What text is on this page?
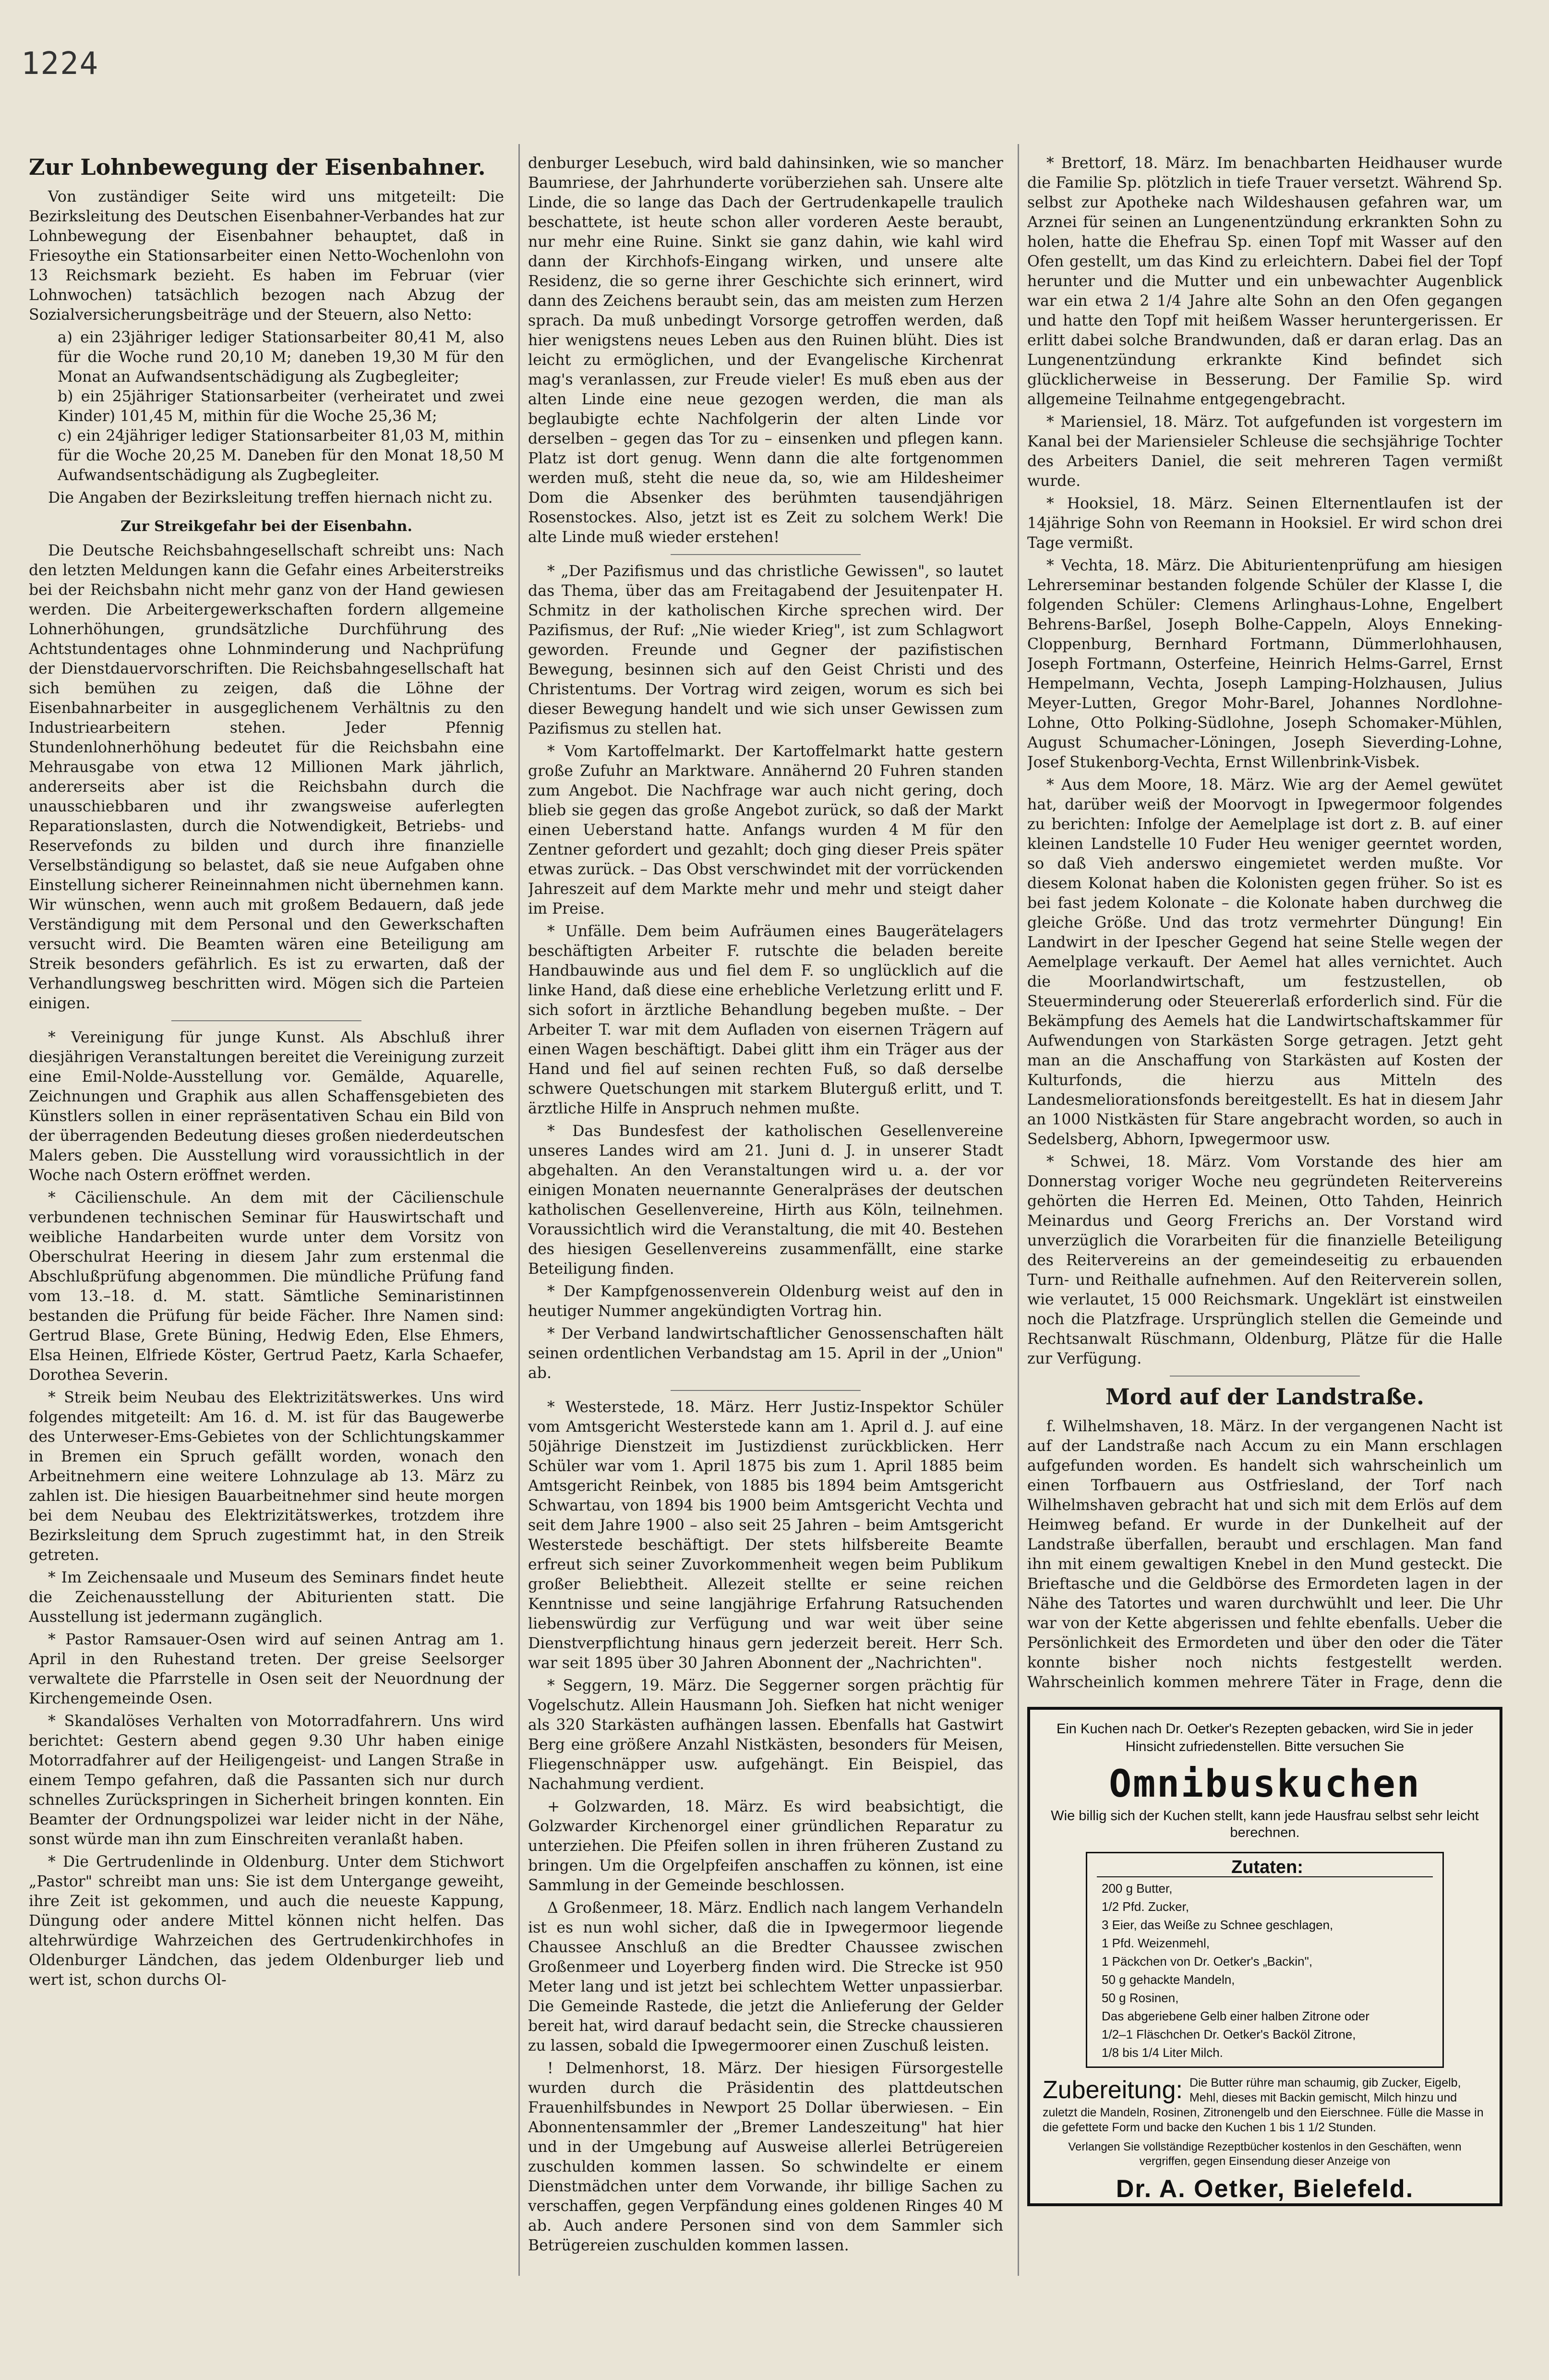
1224
Zur Lohnbewegung der Eisenbahner.

Von zuständiger Seite wird uns mitgeteilt: Die Bezirksleitung des Deutschen Eisenbahner-Verbandes hat zur Lohnbewegung der Eisenbahner behauptet, daß in Friesoythe ein Stationsarbeiter einen Netto-Wochenlohn von 13 Reichsmark bezieht. Es haben im Februar (vier Lohnwochen) tatsächlich bezogen nach Abzug der Sozialversicherungsbeiträge und der Steuern, also Netto:

a) ein 23jähriger lediger Stationsarbeiter 80,41 M, also für die Woche rund 20,10 M; daneben 19,30 M für den Monat an Aufwandsentschädigung als Zugbegleiter;
b) ein 25jähriger Stationsarbeiter (verheiratet und zwei Kinder) 101,45 M, mithin für die Woche 25,36 M;
c) ein 24jähriger lediger Stationsarbeiter 81,03 M, mithin für die Woche 20,25 M. Daneben für den Monat 18,50 M Aufwandsentschädigung als Zugbegleiter.

Die Angaben der Bezirksleitung treffen hiernach nicht zu.

Zur Streikgefahr bei der Eisenbahn.

Die Deutsche Reichsbahngesellschaft schreibt uns: Nach den letzten Meldungen kann die Gefahr eines Arbeiterstreiks bei der Reichsbahn nicht mehr ganz von der Hand gewiesen werden. Die Arbeitergewerkschaften fordern allgemeine Lohnerhöhungen, grundsätzliche Durchführung des Achtstundentages ohne Lohnminderung und Nachprüfung der Dienstdauervorschriften. Die Reichsbahngesellschaft hat sich bemühen zu zeigen, daß die Löhne der Eisenbahnarbeiter in ausgeglichenem Verhältnis zu den Industriearbeitern stehen. Jeder Pfennig Stundenlohnerhöhung bedeutet für die Reichsbahn eine Mehrausgabe von etwa 12 Millionen Mark jährlich, andererseits aber ist die Reichsbahn durch die unausschiebbaren und ihr zwangsweise auferlegten Reparationslasten, durch die Notwendigkeit, Betriebs- und Reservefonds zu bilden und durch ihre finanzielle Verselbständigung so belastet, daß sie neue Aufgaben ohne Einstellung sicherer Reineinnahmen nicht übernehmen kann. Wir wünschen, wenn auch mit großem Bedauern, daß jede Verständigung mit dem Personal und den Gewerkschaften versucht wird. Die Beamten wären eine Beteiligung am Streik besonders gefährlich. Es ist zu erwarten, daß der Verhandlungsweg beschritten wird. Mögen sich die Parteien einigen.

* Vereinigung für junge Kunst. Als Abschluß ihrer diesjährigen Veranstaltungen bereitet die Vereinigung zurzeit eine Emil-Nolde-Ausstellung vor. Gemälde, Aquarelle, Zeichnungen und Graphik aus allen Schaffensgebieten des Künstlers sollen in einer repräsentativen Schau ein Bild von der überragenden Bedeutung dieses großen niederdeutschen Malers geben. Die Ausstellung wird voraussichtlich in der Woche nach Ostern eröffnet werden.

* Cäcilienschule. An dem mit der Cäcilienschule verbundenen technischen Seminar für Hauswirtschaft und weibliche Handarbeiten wurde unter dem Vorsitz von Oberschulrat Heering in diesem Jahr zum erstenmal die Abschlußprüfung abgenommen. Die mündliche Prüfung fand vom 13.–18. d. M. statt. Sämtliche Seminaristinnen bestanden die Prüfung für beide Fächer. Ihre Namen sind: Gertrud Blase, Grete Büning, Hedwig Eden, Else Ehmers, Elsa Heinen, Elfriede Köster, Gertrud Paetz, Karla Schaefer, Dorothea Severin.

* Streik beim Neubau des Elektrizitätswerkes. Uns wird folgendes mitgeteilt: Am 16. d. M. ist für das Baugewerbe des Unterweser-Ems-Gebietes von der Schlichtungskammer in Bremen ein Spruch gefällt worden, wonach den Arbeitnehmern eine weitere Lohnzulage ab 13. März zu zahlen ist. Die hiesigen Bauarbeitnehmer sind heute morgen bei dem Neubau des Elektrizitätswerkes, trotzdem ihre Bezirksleitung dem Spruch zugestimmt hat, in den Streik getreten.

* Im Zeichensaale und Museum des Seminars findet heute die Zeichenausstellung der Abiturienten statt. Die Ausstellung ist jedermann zugänglich.

* Pastor Ramsauer-Osen wird auf seinen Antrag am 1. April in den Ruhestand treten. Der greise Seelsorger verwaltete die Pfarrstelle in Osen seit der Neuordnung der Kirchengemeinde Osen.

* Skandalöses Verhalten von Motorradfahrern. Uns wird berichtet: Gestern abend gegen 9.30 Uhr haben einige Motorradfahrer auf der Heiligengeist- und Langen Straße in einem Tempo gefahren, daß die Passanten sich nur durch schnelles Zurückspringen in Sicherheit bringen konnten. Ein Beamter der Ordnungspolizei war leider nicht in der Nähe, sonst würde man ihn zum Einschreiten veranlaßt haben.

* Die Gertrudenlinde in Oldenburg. Unter dem Stichwort „Pastor" schreibt man uns: Sie ist dem Untergange geweiht, ihre Zeit ist gekommen, und auch die neueste Kappung, Düngung oder andere Mittel können nicht helfen. Das altehrwürdige Wahrzeichen des Gertrudenkirchhofes in Oldenburger Ländchen, das jedem Oldenburger lieb und wert ist, schon durchs Ol-

denburger Lesebuch, wird bald dahinsinken, wie so mancher Baumriese, der Jahrhunderte vorüberziehen sah. Unsere alte Linde, die so lange das Dach der Gertrudenkapelle traulich beschattete, ist heute schon aller vorderen Aeste beraubt, nur mehr eine Ruine. Sinkt sie ganz dahin, wie kahl wird dann der Kirchhofs-Eingang wirken, und unsere alte Residenz, die so gerne ihrer Geschichte sich erinnert, wird dann des Zeichens beraubt sein, das am meisten zum Herzen sprach. Da muß unbedingt Vorsorge getroffen werden, daß hier wenigstens neues Leben aus den Ruinen blüht. Dies ist leicht zu ermöglichen, und der Evangelische Kirchenrat mag's veranlassen, zur Freude vieler! Es muß eben aus der alten Linde eine neue gezogen werden, die man als beglaubigte echte Nachfolgerin der alten Linde vor derselben – gegen das Tor zu – einsenken und pflegen kann. Platz ist dort genug. Wenn dann die alte fortgenommen werden muß, steht die neue da, so, wie am Hildesheimer Dom die Absenker des berühmten tausendjährigen Rosenstockes. Also, jetzt ist es Zeit zu solchem Werk! Die alte Linde muß wieder erstehen!

* „Der Pazifismus und das christliche Gewissen", so lautet das Thema, über das am Freitagabend der Jesuitenpater H. Schmitz in der katholischen Kirche sprechen wird. Der Pazifismus, der Ruf: „Nie wieder Krieg", ist zum Schlagwort geworden. Freunde und Gegner der pazifistischen Bewegung, besinnen sich auf den Geist Christi und des Christentums. Der Vortrag wird zeigen, worum es sich bei dieser Bewegung handelt und wie sich unser Gewissen zum Pazifismus zu stellen hat.

* Vom Kartoffelmarkt. Der Kartoffelmarkt hatte gestern große Zufuhr an Marktware. Annähernd 20 Fuhren standen zum Angebot. Die Nachfrage war auch nicht gering, doch blieb sie gegen das große Angebot zurück, so daß der Markt einen Ueberstand hatte. Anfangs wurden 4 M für den Zentner gefordert und gezahlt; doch ging dieser Preis später etwas zurück. – Das Obst verschwindet mit der vorrückenden Jahreszeit auf dem Markte mehr und mehr und steigt daher im Preise.

* Unfälle. Dem beim Aufräumen eines Baugerätelagers beschäftigten Arbeiter F. rutschte die beladen bereite Handbauwinde aus und fiel dem F. so unglücklich auf die linke Hand, daß diese eine erhebliche Verletzung erlitt und F. sich sofort in ärztliche Behandlung begeben mußte. – Der Arbeiter T. war mit dem Aufladen von eisernen Trägern auf einen Wagen beschäftigt. Dabei glitt ihm ein Träger aus der Hand und fiel auf seinen rechten Fuß, so daß derselbe schwere Quetschungen mit starkem Bluterguß erlitt, und T. ärztliche Hilfe in Anspruch nehmen mußte.

* Das Bundesfest der katholischen Gesellenvereine unseres Landes wird am 21. Juni d. J. in unserer Stadt abgehalten. An den Veranstaltungen wird u. a. der vor einigen Monaten neuernannte Generalpräses der deutschen katholischen Gesellenvereine, Hirth aus Köln, teilnehmen. Voraussichtlich wird die Veranstaltung, die mit 40. Bestehen des hiesigen Gesellenvereins zusammenfällt, eine starke Beteiligung finden.

* Der Kampfgenossenverein Oldenburg weist auf den in heutiger Nummer angekündigten Vortrag hin.

* Der Verband landwirtschaftlicher Genossenschaften hält seinen ordentlichen Verbandstag am 15. April in der „Union" ab.

* Westerstede, 18. März. Herr Justiz-Inspektor Schüler vom Amtsgericht Westerstede kann am 1. April d. J. auf eine 50jährige Dienstzeit im Justizdienst zurückblicken. Herr Schüler war vom 1. April 1875 bis zum 1. April 1885 beim Amtsgericht Reinbek, von 1885 bis 1894 beim Amtsgericht Schwartau, von 1894 bis 1900 beim Amtsgericht Vechta und seit dem Jahre 1900 – also seit 25 Jahren – beim Amtsgericht Westerstede beschäftigt. Der stets hilfsbereite Beamte erfreut sich seiner Zuvorkommenheit wegen beim Publikum großer Beliebtheit. Allezeit stellte er seine reichen Kenntnisse und seine langjährige Erfahrung Ratsuchenden liebenswürdig zur Verfügung und war weit über seine Dienstverpflichtung hinaus gern jederzeit bereit. Herr Sch. war seit 1895 über 30 Jahren Abonnent der „Nachrichten".

* Seggern, 19. März. Die Seggerner sorgen prächtig für Vogelschutz. Allein Hausmann Joh. Siefken hat nicht weniger als 320 Starkästen aufhängen lassen. Ebenfalls hat Gastwirt Berg eine größere Anzahl Nistkästen, besonders für Meisen, Fliegenschnäpper usw. aufgehängt. Ein Beispiel, das Nachahmung verdient.

+ Golzwarden, 18. März. Es wird beabsichtigt, die Golzwarder Kirchenorgel einer gründlichen Reparatur zu unterziehen. Die Pfeifen sollen in ihren früheren Zustand zu bringen. Um die Orgelpfeifen anschaffen zu können, ist eine Sammlung in der Gemeinde beschlossen.

Δ Großenmeer, 18. März. Endlich nach langem Verhandeln ist es nun wohl sicher, daß die in Ipwegermoor liegende Chaussee Anschluß an die Bredter Chaussee zwischen Großenmeer und Loyerberg finden wird. Die Strecke ist 950 Meter lang und ist jetzt bei schlechtem Wetter unpassierbar. Die Gemeinde Rastede, die jetzt die Anlieferung der Gelder bereit hat, wird darauf bedacht sein, die Strecke chaussieren zu lassen, sobald die Ipwegermoorer einen Zuschuß leisten.

! Delmenhorst, 18. März. Der hiesigen Fürsorgestelle wurden durch die Präsidentin des plattdeutschen Frauenhilfsbundes in Newport 25 Dollar überwiesen. – Ein Abonnentensammler der „Bremer Landeszeitung" hat hier und in der Umgebung auf Ausweise allerlei Betrügereien zuschulden kommen lassen. So schwindelte er einem Dienstmädchen unter dem Vorwande, ihr billige Sachen zu verschaffen, gegen Verpfändung eines goldenen Ringes 40 M ab. Auch andere Personen sind von dem Sammler sich Betrügereien zuschulden kommen lassen.

* Brettorf, 18. März. Im benachbarten Heidhauser wurde die Familie Sp. plötzlich in tiefe Trauer versetzt. Während Sp. selbst zur Apotheke nach Wildeshausen gefahren war, um Arznei für seinen an Lungenentzündung erkrankten Sohn zu holen, hatte die Ehefrau Sp. einen Topf mit Wasser auf den Ofen gestellt, um das Kind zu erleichtern. Dabei fiel der Topf herunter und die Mutter und ein unbewachter Augenblick war ein etwa 2 1/4 Jahre alte Sohn an den Ofen gegangen und hatte den Topf mit heißem Wasser heruntergerissen. Er erlitt dabei solche Brandwunden, daß er daran erlag. Das an Lungenentzündung erkrankte Kind befindet sich glücklicherweise in Besserung. Der Familie Sp. wird allgemeine Teilnahme entgegengebracht.

* Mariensiel, 18. März. Tot aufgefunden ist vorgestern im Kanal bei der Mariensieler Schleuse die sechsjährige Tochter des Arbeiters Daniel, die seit mehreren Tagen vermißt wurde.

* Hooksiel, 18. März. Seinen Elternentlaufen ist der 14jährige Sohn von Reemann in Hooksiel. Er wird schon drei Tage vermißt.

* Vechta, 18. März. Die Abiturientenprüfung am hiesigen Lehrerseminar bestanden folgende Schüler der Klasse I, die folgenden Schüler: Clemens Arlinghaus-Lohne, Engelbert Behrens-Barßel, Joseph Bolhe-Cappeln, Aloys Enneking-Cloppenburg, Bernhard Fortmann, Dümmerlohhausen, Joseph Fortmann, Osterfeine, Heinrich Helms-Garrel, Ernst Hempelmann, Vechta, Joseph Lamping-Holzhausen, Julius Meyer-Lutten, Gregor Mohr-Barel, Johannes Nordlohne-Lohne, Otto Polking-Südlohne, Joseph Schomaker-Mühlen, August Schumacher-Löningen, Joseph Sieverding-Lohne, Josef Stukenborg-Vechta, Ernst Willenbrink-Visbek.

* Aus dem Moore, 18. März. Wie arg der Aemel gewütet hat, darüber weiß der Moorvogt in Ipwegermoor folgendes zu berichten: Infolge der Aemelplage ist dort z. B. auf einer kleinen Landstelle 10 Fuder Heu weniger geerntet worden, so daß Vieh anderswo eingemietet werden mußte. Vor diesem Kolonat haben die Kolonisten gegen früher. So ist es bei fast jedem Kolonate – die Kolonate haben durchweg die gleiche Größe. Und das trotz vermehrter Düngung! Ein Landwirt in der Ipescher Gegend hat seine Stelle wegen der Aemelplage verkauft. Der Aemel hat alles vernichtet. Auch die Moorlandwirtschaft, um festzustellen, ob Steuerminderung oder Steuererlaß erforderlich sind. Für die Bekämpfung des Aemels hat die Landwirtschaftskammer für Aufwendungen von Starkästen Sorge getragen. Jetzt geht man an die Anschaffung von Starkästen auf Kosten der Kulturfonds, die hierzu aus Mitteln des Landesmeliorationsfonds bereitgestellt. Es hat in diesem Jahr an 1000 Nistkästen für Stare angebracht worden, so auch in Sedelsberg, Abhorn, Ipwegermoor usw.

* Schwei, 18. März. Vom Vorstande des hier am Donnerstag voriger Woche neu gegründeten Reitervereins gehörten die Herren Ed. Meinen, Otto Tahden, Heinrich Meinardus und Georg Frerichs an. Der Vorstand wird unverzüglich die Vorarbeiten für die finanzielle Beteiligung des Reitervereins an der gemeindeseitig zu erbauenden Turn- und Reithalle aufnehmen. Auf den Reiterverein sollen, wie verlautet, 15 000 Reichsmark. Ungeklärt ist einstweilen noch die Platzfrage. Ursprünglich stellen die Gemeinde und Rechtsanwalt Rüschmann, Oldenburg, Plätze für die Halle zur Verfügung.

Mord auf der Landstraße.

f. Wilhelmshaven, 18. März. In der vergangenen Nacht ist auf der Landstraße nach Accum zu ein Mann erschlagen aufgefunden worden. Es handelt sich wahrscheinlich um einen Torfbauern aus Ostfriesland, der Torf nach Wilhelmshaven gebracht hat und sich mit dem Erlös auf dem Heimweg befand. Er wurde in der Dunkelheit auf der Landstraße überfallen, beraubt und erschlagen. Man fand ihn mit einem gewaltigen Knebel in den Mund gesteckt. Die Brieftasche und die Geldbörse des Ermordeten lagen in der Nähe des Tatortes und waren durchwühlt und leer. Die Uhr war von der Kette abgerissen und fehlte ebenfalls. Ueber die Persönlichkeit des Ermordeten und über den oder die Täter konnte bisher noch nichts festgestellt werden. Wahrscheinlich kommen mehrere Täter in Frage, denn die

Ein Kuchen nach Dr. Oetker's Rezepten gebacken, wird Sie in jeder Hinsicht zufriedenstellen. Bitte versuchen Sie
Omnibuskuchen
Wie billig sich der Kuchen stellt, kann jede Hausfrau selbst sehr leicht berechnen.
Zutaten:
200 g Butter,
1/2 Pfd. Zucker,
3 Eier, das Weiße zu Schnee geschlagen,
1 Pfd. Weizenmehl,
1 Päckchen von Dr. Oetker's „Backin",
50 g gehackte Mandeln,
50 g Rosinen,
Das abgeriebene Gelb einer halben Zitrone oder
1/2–1 Fläschchen Dr. Oetker's Backöl Zitrone,
1/8 bis 1/4 Liter Milch.
Zubereitung: Die Butter rühre man schaumig, gib Zucker, Eigelb, Mehl, dieses mit Backin gemischt, Milch hinzu und zuletzt die Mandeln, Rosinen, Zitronengelb und den Eierschnee. Fülle die Masse in die gefettete Form und backe den Kuchen 1 bis 1 1/2 Stunden.
Verlangen Sie vollständige Rezeptbücher kostenlos in den Geschäften, wenn vergriffen, gegen Einsendung dieser Anzeige von
Dr. A. Oetker, Bielefeld.
